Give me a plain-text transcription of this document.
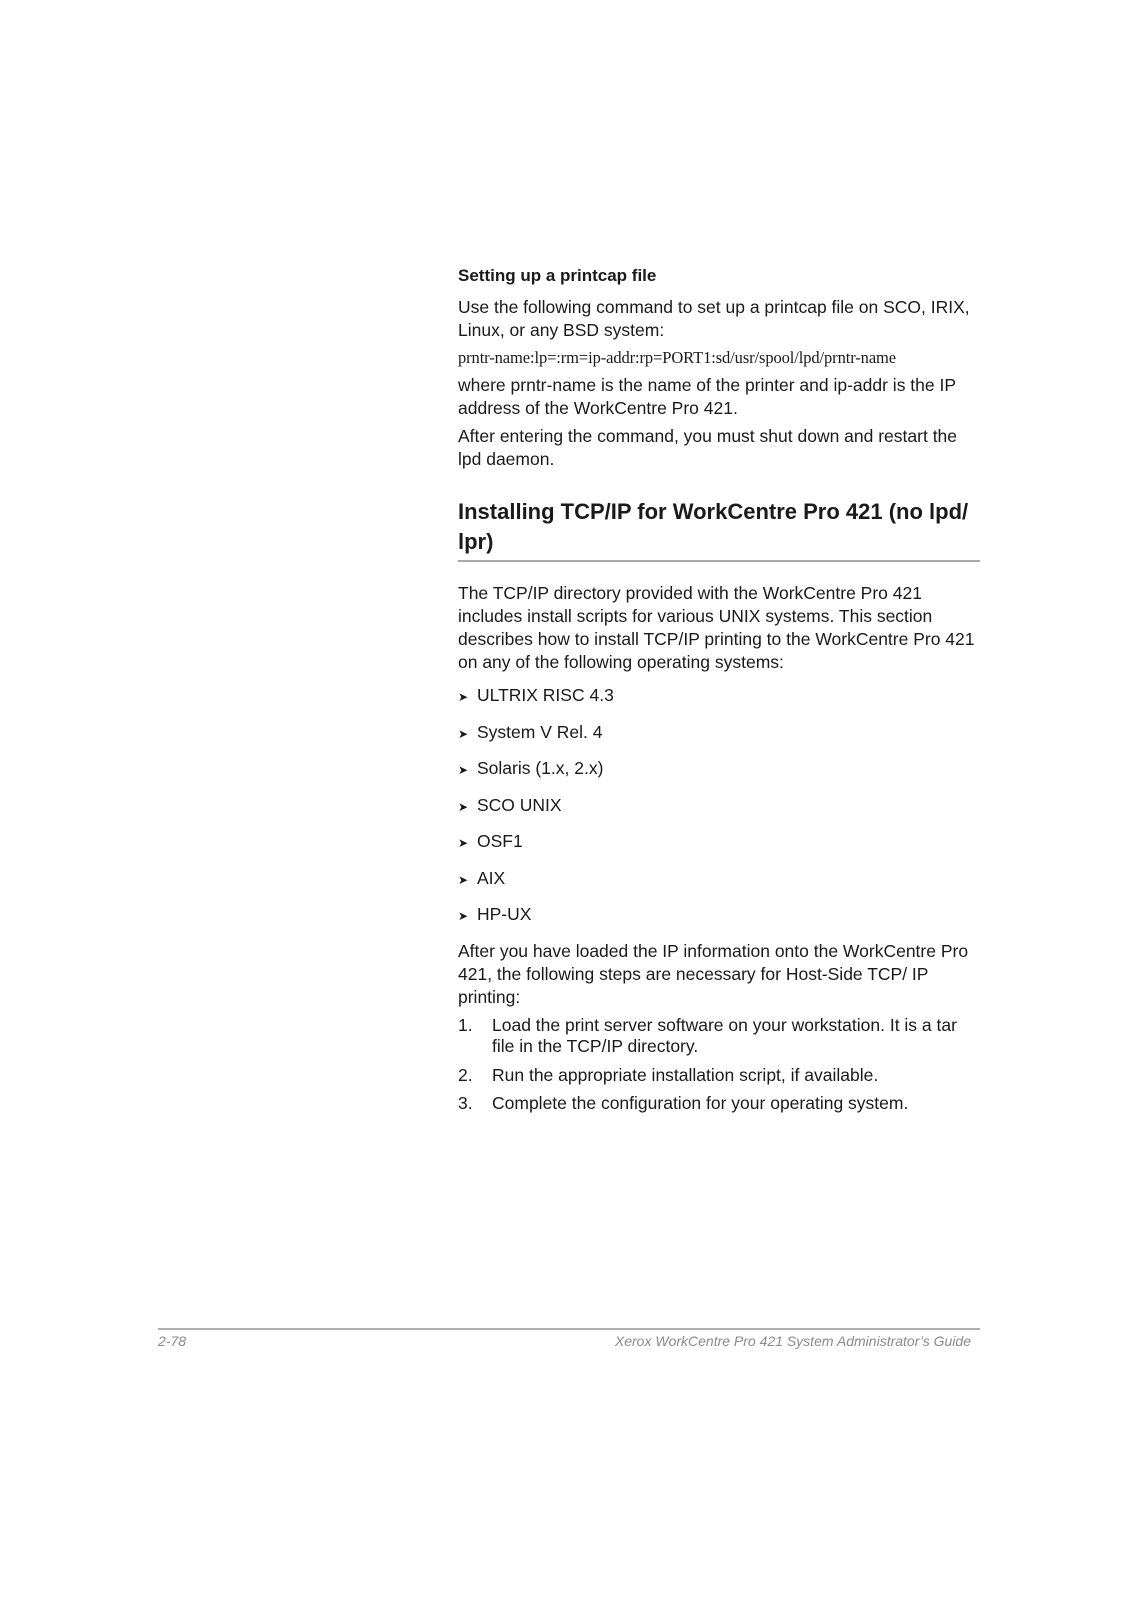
Setting up a printcap file

Use the following command to set up a printcap file on SCO, IRIX, Linux, or any BSD system:

prntr-name:lp=:rm=ip-addr:rp=PORT1:sd/usr/spool/lpd/prntr-name

where prntr-name is the name of the printer and ip-addr is the IP address of the WorkCentre Pro 421.

After entering the command, you must shut down and restart the lpd daemon.

Installing TCP/IP for WorkCentre Pro 421 (no lpd/ lpr)

The TCP/IP directory provided with the WorkCentre Pro 421 includes install scripts for various UNIX systems. This section describes how to install TCP/IP printing to the WorkCentre Pro 421 on any of the following operating systems:

➤ ULTRIX RISC 4.3
➤ System V Rel. 4
➤ Solaris (1.x, 2.x)
➤ SCO UNIX
➤ OSF1
➤ AIX
➤ HP-UX

After you have loaded the IP information onto the WorkCentre Pro 421, the following steps are necessary for Host-Side TCP/ IP printing:

1.	Load the print server software on your workstation. It is a tar file in the TCP/IP directory.
2.	Run the appropriate installation script, if available.
3.	Complete the configuration for your operating system.
2-78	Xerox WorkCentre Pro 421 System Administrator’s Guide
